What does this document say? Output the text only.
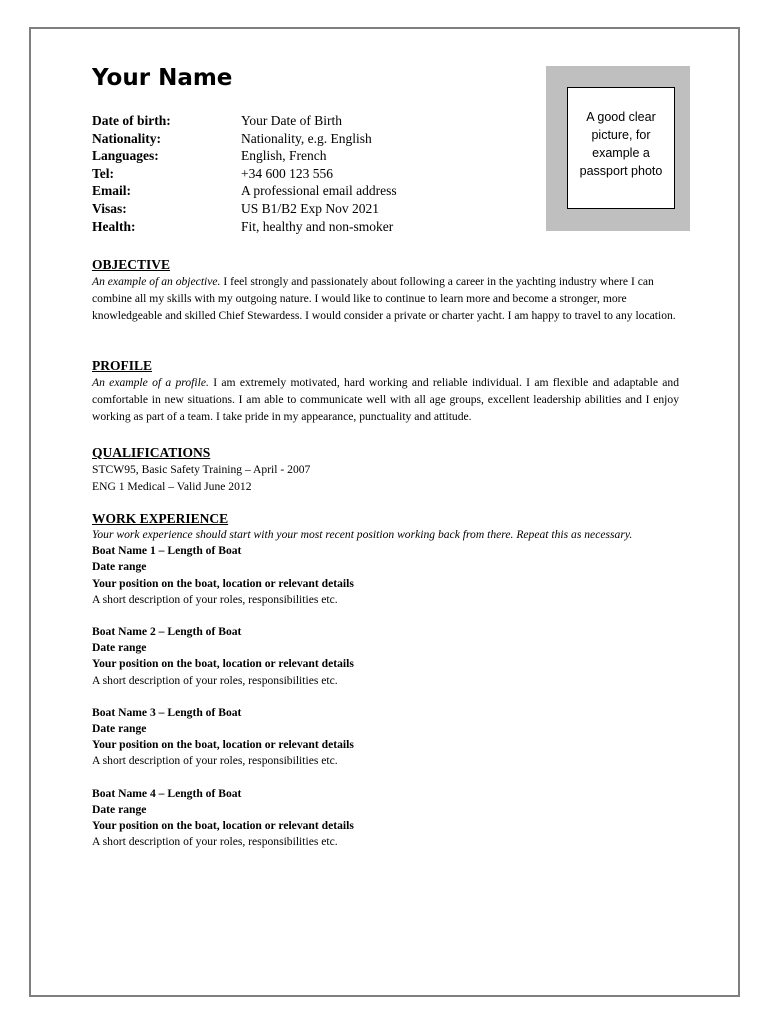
Your Name
Date of birth:	Your Date of Birth
Nationality:	Nationality, e.g. English
Languages:	English, French
Tel:	+34 600 123 556
Email:	A professional email address
Visas:	US B1/B2 Exp Nov 2021
Health:	Fit, healthy and non-smoker
A good clear picture, for example a passport photo
OBJECTIVE

An example of an objective. I feel strongly and passionately about following a career in the yachting industry where I can combine all my skills with my outgoing nature. I would like to continue to learn more and become a stronger, more knowledgeable and skilled Chief Stewardess. I would consider a private or charter yacht. I am happy to travel to any location.

PROFILE

An example of a profile. I am extremely motivated, hard working and reliable individual. I am flexible and adaptable and comfortable in new situations. I am able to communicate well with all age groups, excellent leadership abilities and I enjoy working as part of a team. I take pride in my appearance, punctuality and attitude.

QUALIFICATIONS
STCW95, Basic Safety Training – April - 2007
ENG 1 Medical – Valid June 2012
WORK EXPERIENCE

Your work experience should start with your most recent position working back from there. Repeat this as necessary.

Boat Name 1 – Length of Boat
Date range
Your position on the boat, location or relevant details
A short description of your roles, responsibilities etc.
Boat Name 2 – Length of Boat
Date range
Your position on the boat, location or relevant details
A short description of your roles, responsibilities etc.
Boat Name 3 – Length of Boat
Date range
Your position on the boat, location or relevant details
A short description of your roles, responsibilities etc.
Boat Name 4 – Length of Boat
Date range
Your position on the boat, location or relevant details
A short description of your roles, responsibilities etc.
